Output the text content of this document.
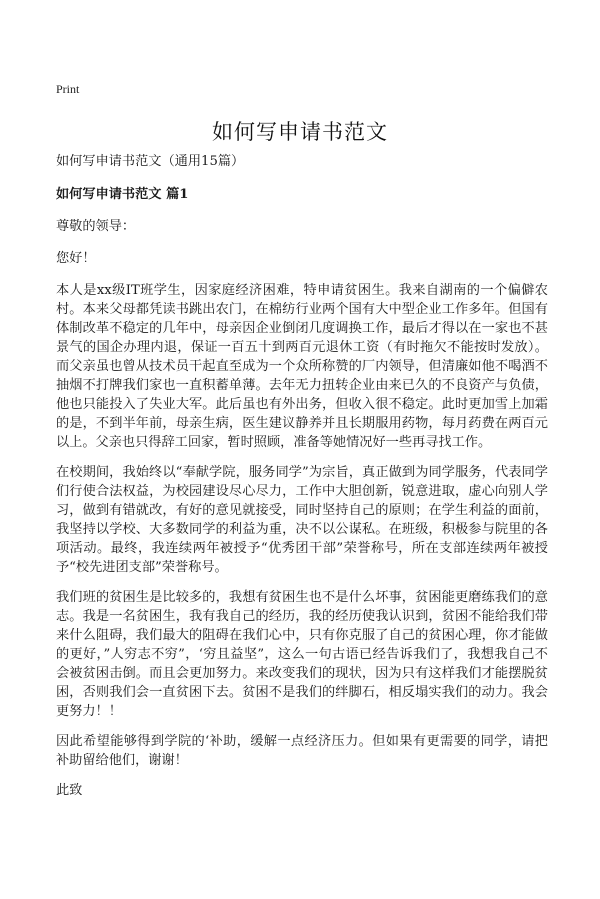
Print
如何写申请书范文

如何写申请书范文（通用15篇）

如何写申请书范文 篇1

尊敬的领导：

您好！

本人是xx级IT班学生，因家庭经济困难，特申请贫困生。我来自湖南的一个偏僻农村。本来父母都凭读书跳出农门，在棉纺行业两个国有大中型企业工作多年。但国有体制改革不稳定的几年中，母亲因企业倒闭几度调换工作，最后才得以在一家也不甚景气的国企办理内退，保证一百五十到两百元退休工资（有时拖欠不能按时发放）。而父亲虽也曾从技术员干起直至成为一个众所称赞的厂内领导，但清廉如他不喝酒不抽烟不打牌我们家也一直积蓄单薄。去年无力扭转企业由来已久的不良资产与负债，他也只能投入了失业大军。此后虽也有外出务，但收入很不稳定。此时更加雪上加霜的是，不到半年前，母亲生病，医生建议静养并且长期服用药物，每月药费在两百元以上。父亲也只得辞工回家，暂时照顾，准备等她情况好一些再寻找工作。

在校期间，我始终以“奉献学院，服务同学”为宗旨，真正做到为同学服务，代表同学们行使合法权益，为校园建设尽心尽力，工作中大胆创新，锐意进取，虚心向别人学习，做到有错就改，有好的意见就接受，同时坚持自己的原则；在学生利益的面前，我坚持以学校、大多数同学的利益为重，决不以公谋私。在班级，积极参与院里的各项活动。最终，我连续两年被授予“优秀团干部”荣誉称号，所在支部连续两年被授予“校先进团支部”荣誉称号。

我们班的贫困生是比较多的，我想有贫困生也不是什么坏事，贫困能更磨练我们的意志。我是一名贫困生，我有我自己的经历，我的经历使我认识到，贫困不能给我们带来什么阻碍，我们最大的阻碍在我们心中，只有你克服了自己的贫困心理，你才能做的更好，”人穷志不穷”，‘穷且益坚”，这么一句古语已经告诉我们了，我想我自己不会被贫困击倒。而且会更加努力。来改变我们的现状，因为只有这样我们才能摆脱贫困，否则我们会一直贫困下去。贫困不是我们的绊脚石，相反塌实我们的动力。我会更努力！！

因此希望能够得到学院的‘补助，缓解一点经济压力。但如果有更需要的同学，请把补助留给他们，谢谢！

此致
